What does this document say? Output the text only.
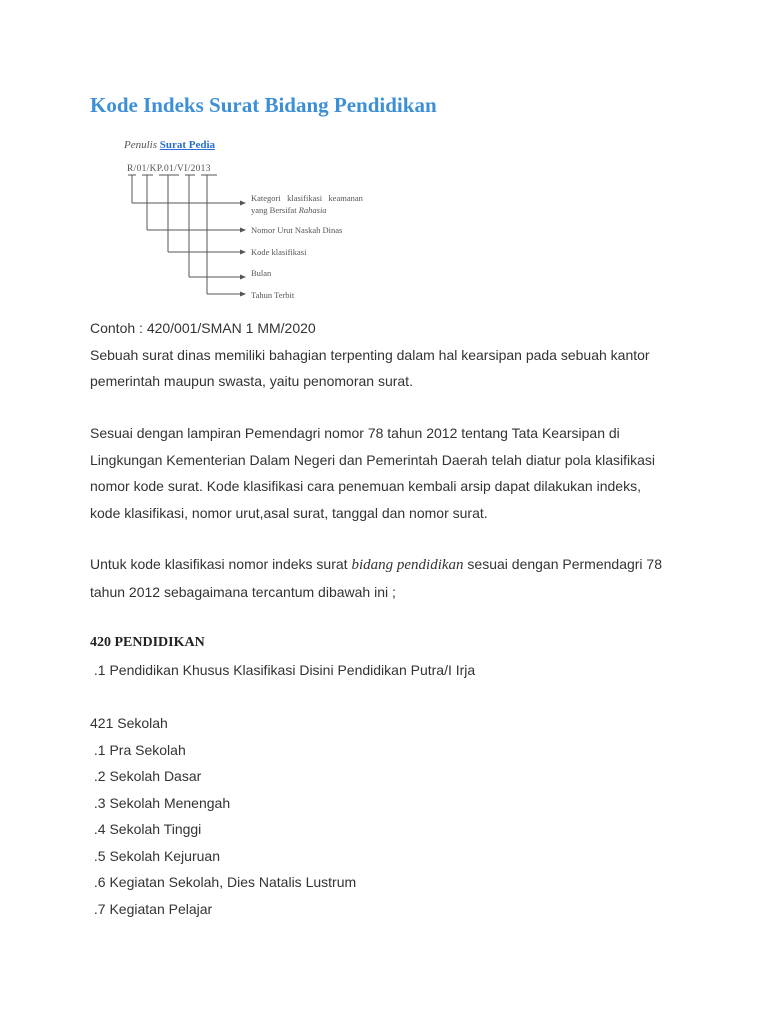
Kode Indeks Surat Bidang Pendidikan
Penulis Surat Pedia
R/01/KP.01/VI/2013
Kategori   klasifikasi   keamanan
yang Bersifat Rahasia
Nomor Urut Naskah Dinas
Kode klasifikasi
Bulan
Tahun Terbit
Contoh : 420/001/SMAN 1 MM/2020
Sebuah surat dinas memiliki bahagian terpenting dalam hal kearsipan pada sebuah kantor
pemerintah maupun swasta, yaitu penomoran surat.
Sesuai dengan lampiran Pemendagri nomor 78 tahun 2012 tentang Tata Kearsipan di
Lingkungan Kementerian Dalam Negeri dan Pemerintah Daerah telah diatur pola klasifikasi
nomor kode surat. Kode klasifikasi cara penemuan kembali arsip dapat dilakukan indeks,
kode klasifikasi, nomor urut,asal surat, tanggal dan nomor surat.
Untuk kode klasifikasi nomor indeks surat bidang pendidikan sesuai dengan Permendagri 78
tahun 2012 sebagaimana tercantum dibawah ini ;
420 PENDIDIKAN
.1 Pendidikan Khusus Klasifikasi Disini Pendidikan Putra/I Irja
421 Sekolah
.1 Pra Sekolah
.2 Sekolah Dasar
.3 Sekolah Menengah
.4 Sekolah Tinggi
.5 Sekolah Kejuruan
.6 Kegiatan Sekolah, Dies Natalis Lustrum
.7 Kegiatan Pelajar
